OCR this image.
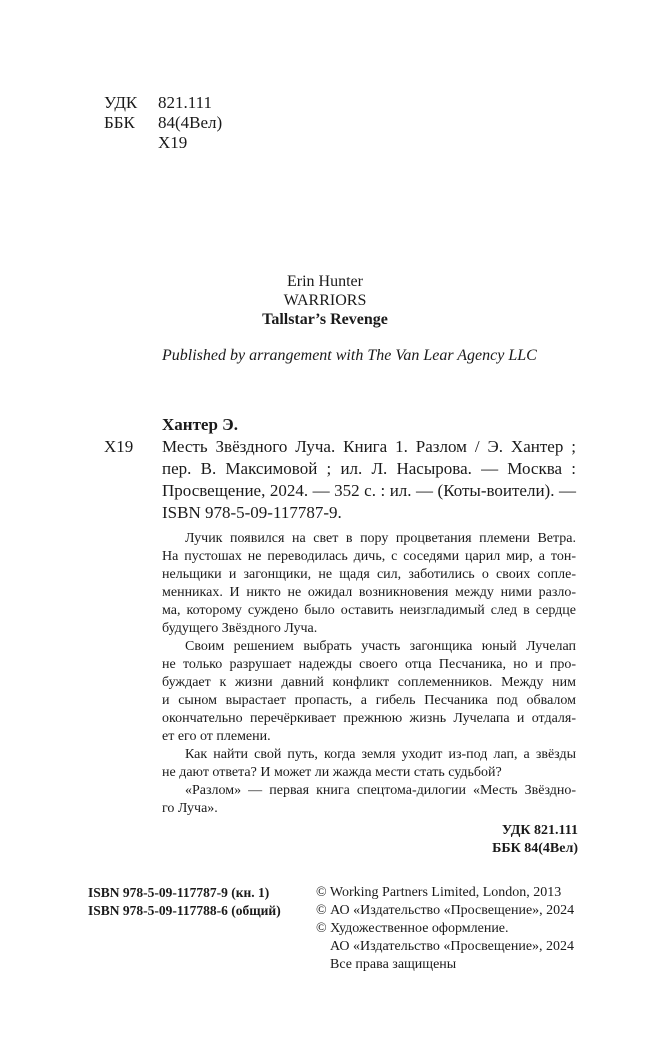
УДК 821.111
ББК 84(4Вел)
Х19
Erin Hunter
WARRIORS
Tallstar’s Revenge
Published by arrangement with The Van Lear Agency LLC
Хантер Э.
Х19 Месть Звёздного Луча. Книга 1. Разлом / Э. Хантер ;
пер. В. Максимовой ; ил. Л. Насырова. — Москва :
Просвещение, 2024. — 352 с. : ил. — (Коты-воители). —
ISBN 978-5-09-117787-9.
Лучик появился на свет в пору процветания племени Ветра.
На пустошах не переводилась дичь, с соседями царил мир, а тон-
нельщики и загонщики, не щадя сил, заботились о своих сопле-
менниках. И никто не ожидал возникновения между ними разло-
ма, которому суждено было оставить неизгладимый след в сердце
будущего Звёздного Луча.
Своим решением выбрать участь загонщика юный Лучелап
не только разрушает надежды своего отца Песчаника, но и про-
буждает к жизни давний конфликт соплеменников. Между ним
и сыном вырастает пропасть, а гибель Песчаника под обвалом
окончательно перечёркивает прежнюю жизнь Лучелапа и отдаля-
ет его от племени.
Как найти свой путь, когда земля уходит из-под лап, а звёзды
не дают ответа? И может ли жажда мести стать судьбой?
«Разлом» — первая книга спецтома-дилогии «Месть Звёздно-
го Луча».
УДК 821.111
ББК 84(4Вел)
ISBN 978-5-09-117787-9 (кн. 1)
ISBN 978-5-09-117788-6 (общий)
© Working Partners Limited, London, 2013
© АО «Издательство «Просвещение», 2024
© Художественное оформление.
АО «Издательство «Просвещение», 2024
Все права защищены
